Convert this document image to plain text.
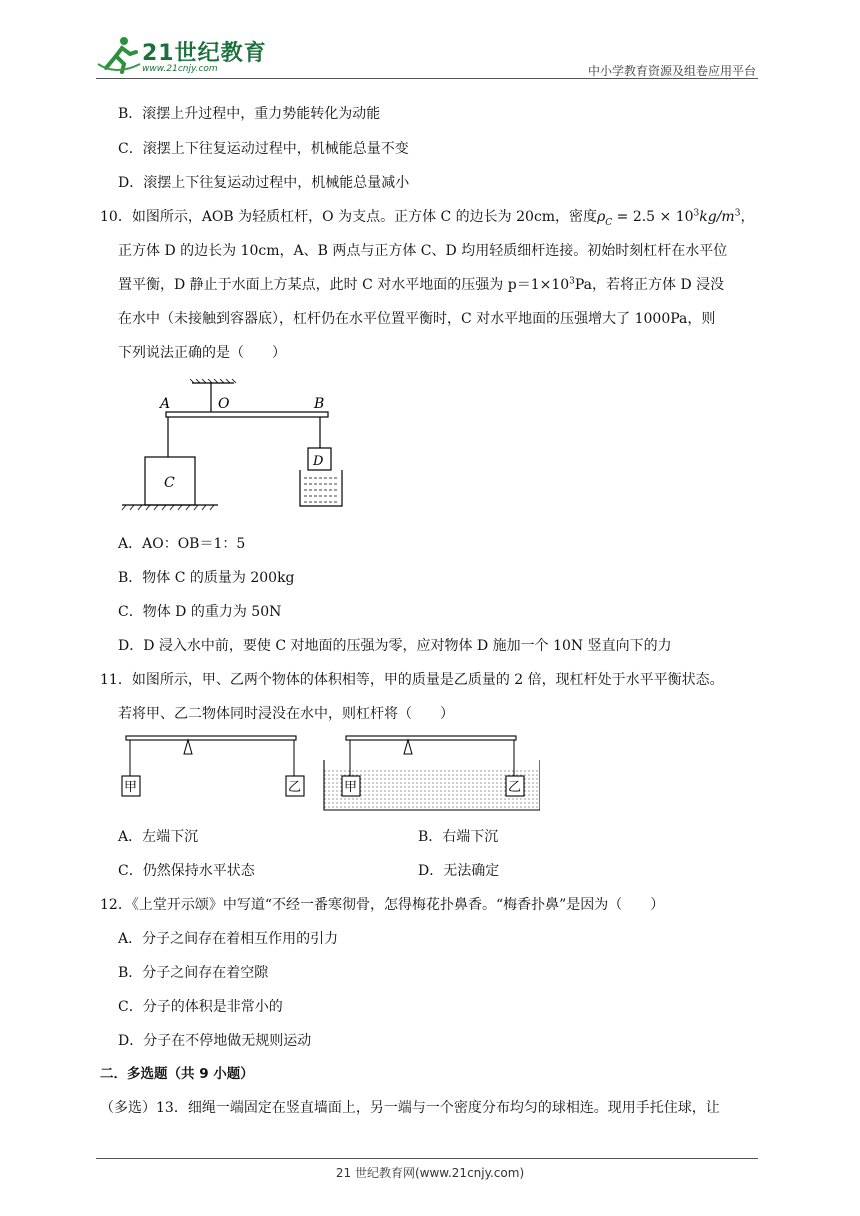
21世纪教育
www.21cnjy.com	中小学教育资源及组卷应用平台
B．滚摆上升过程中，重力势能转化为动能
C．滚摆上下往复运动过程中，机械能总量不变
D．滚摆上下往复运动过程中，机械能总量减小
10．如图所示，AOB 为轻质杠杆，O 为支点。正方体 C 的边长为 20cm，密度$\rho_C = 2.5 \times 10^3kg/m^3$，
正方体 D 的边长为 10cm，A、B 两点与正方体 C、D 均用轻质细杆连接。初始时刻杠杆在水平位
置平衡，D 静止于水面上方某点，此时 C 对水平地面的压强为 $p=1\times 10^3Pa$，若将正方体 D 浸没
在水中（未接触到容器底），杠杆仍在水平位置平衡时，C 对水平地面的压强增大了 1000Pa，则
下列说法正确的是（　　）
A	O	B
C
D
A．AO：OB＝1：5
B．物体 C 的质量为 200kg
C．物体 D 的重力为 50N
D．D 浸入水中前，要使 C 对地面的压强为零，应对物体 D 施加一个 10N 竖直向下的力
11．如图所示，甲、乙两个物体的体积相等，甲的质量是乙质量的 2 倍，现杠杆处于水平平衡状态。
若将甲、乙二物体同时浸没在水中，则杠杆将（　　）
甲	乙	甲	乙
A．左端下沉	B．右端下沉
C．仍然保持水平状态	D．无法确定
12．《上堂开示颂》中写道“不经一番寒彻骨，怎得梅花扑鼻香。“梅香扑鼻”是因为（　　）
A．分子之间存在着相互作用的引力
B．分子之间存在着空隙
C．分子的体积是非常小的
D．分子在不停地做无规则运动
二．多选题（共 9 小题）
（多选）13．细绳一端固定在竖直墙面上，另一端与一个密度分布均匀的球相连。现用手托住球，让
21 世纪教育网(www.21cnjy.com)
